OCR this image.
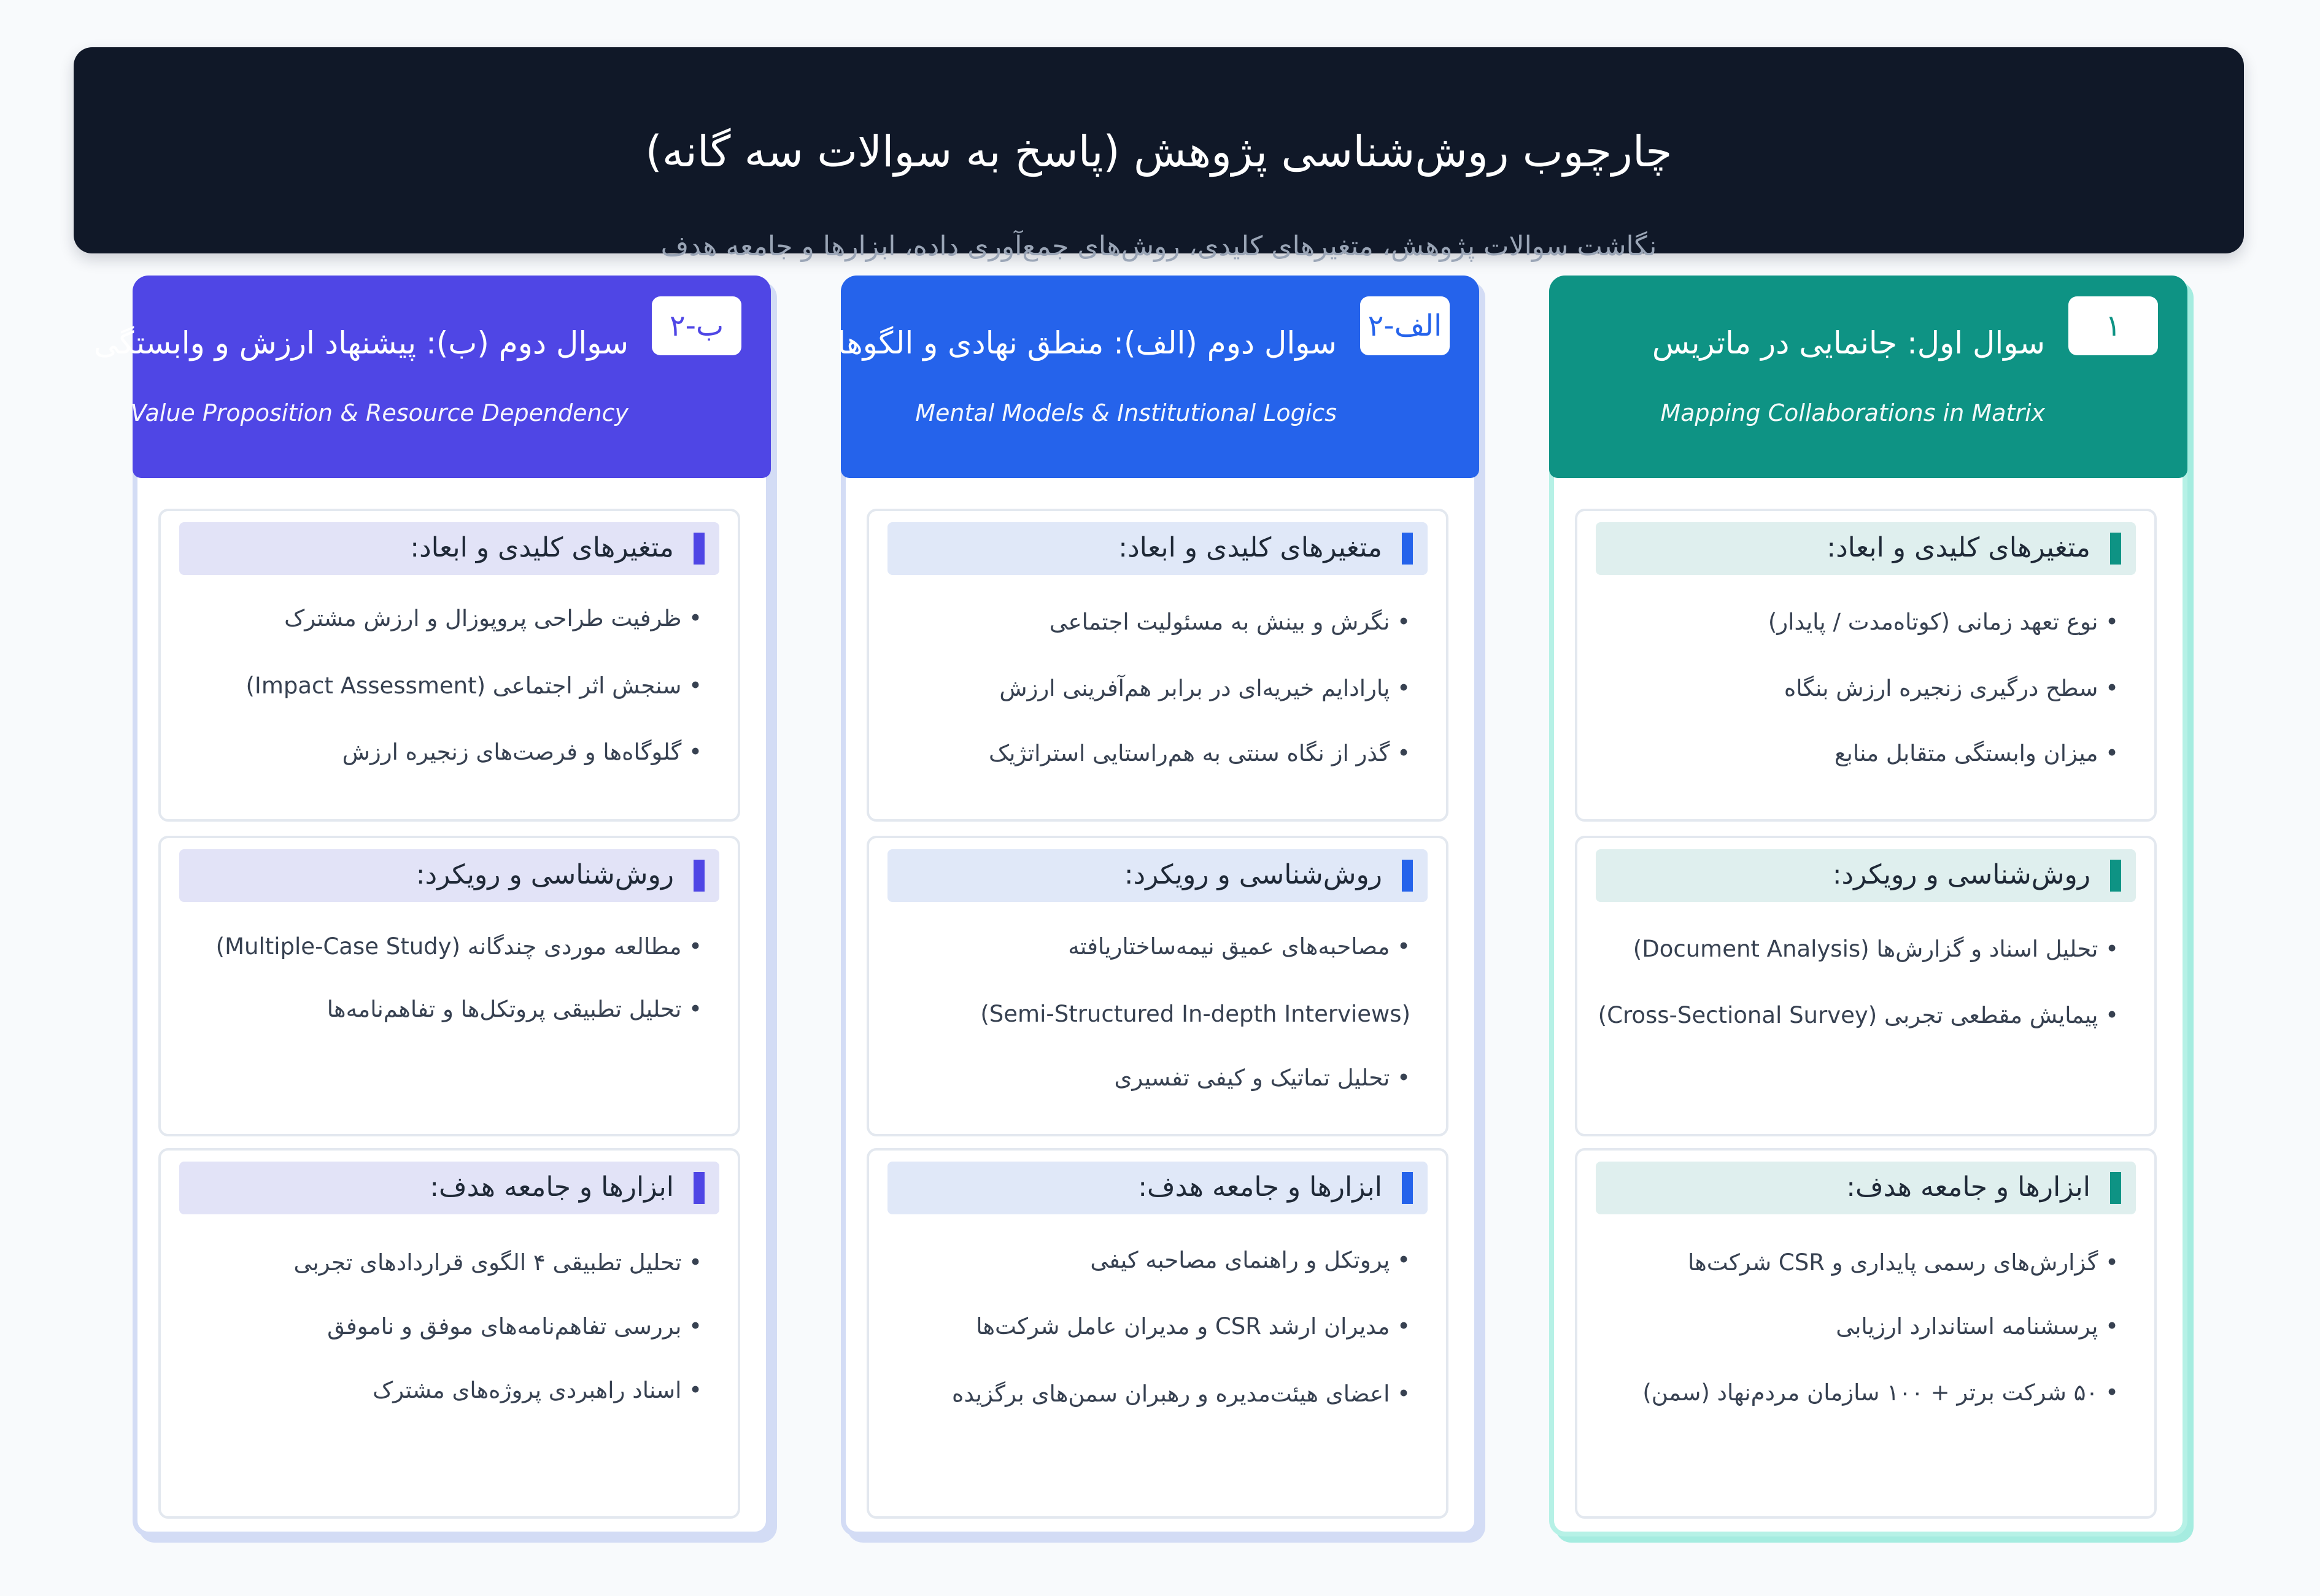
چارچوب روش‌شناسی پژوهش (پاسخ به سوالات سه گانه)
نگاشت سوالات پژوهش، متغیرهای کلیدی، روش‌های جمع‌آوری داده، ابزارها و جامعه هدف
۱
سوال اول: جانمایی در ماتریس
Mapping Collaborations in Matrix
متغیرهای کلیدی و ابعاد:
• نوع تعهد زمانی (کوتاه‌مدت / پایدار)
• سطح درگیری زنجیره ارزش بنگاه
• میزان وابستگی متقابل منابع
روش‌شناسی و رویکرد:
• تحلیل اسناد و گزارش‌ها (Document Analysis)
• پیمایش مقطعی تجربی (Cross-Sectional Survey)
ابزارها و جامعه هدف:
• گزارش‌های رسمی پایداری و CSR شرکت‌ها
• پرسشنامه استاندارد ارزیابی
• ۵۰ شرکت برتر + ۱۰۰ سازمان مردم‌نهاد (سمن)
۲-الف
سوال دوم (الف): منطق نهادی و الگوها
Mental Models & Institutional Logics
متغیرهای کلیدی و ابعاد:
• نگرش و بینش به مسئولیت اجتماعی
• پارادایم خیریه‌ای در برابر هم‌آفرینی ارزش
• گذر از نگاه سنتی به هم‌راستایی استراتژیک
روش‌شناسی و رویکرد:
• مصاحبه‌های عمیق نیمه‌ساختاریافته
(Semi-Structured In-depth Interviews)
• تحلیل تماتیک و کیفی تفسیری
ابزارها و جامعه هدف:
• پروتکل و راهنمای مصاحبه کیفی
• مدیران ارشد CSR و مدیران عامل شرکت‌ها
• اعضای هیئت‌مدیره و رهبران سمن‌های برگزیده
۲-ب
سوال دوم (ب): پیشنهاد ارزش و وابستگی
Value Proposition & Resource Dependency
متغیرهای کلیدی و ابعاد:
• ظرفیت طراحی پروپوزال و ارزش مشترک
• سنجش اثر اجتماعی (Impact Assessment)
• گلوگاه‌ها و فرصت‌های زنجیره ارزش
روش‌شناسی و رویکرد:
• مطالعه موردی چندگانه (Multiple-Case Study)
• تحلیل تطبیقی پروتکل‌ها و تفاهم‌نامه‌ها
ابزارها و جامعه هدف:
• تحلیل تطبیقی ۴ الگوی قراردادهای تجربی
• بررسی تفاهم‌نامه‌های موفق و ناموفق
• اسناد راهبردی پروژه‌های مشترک
